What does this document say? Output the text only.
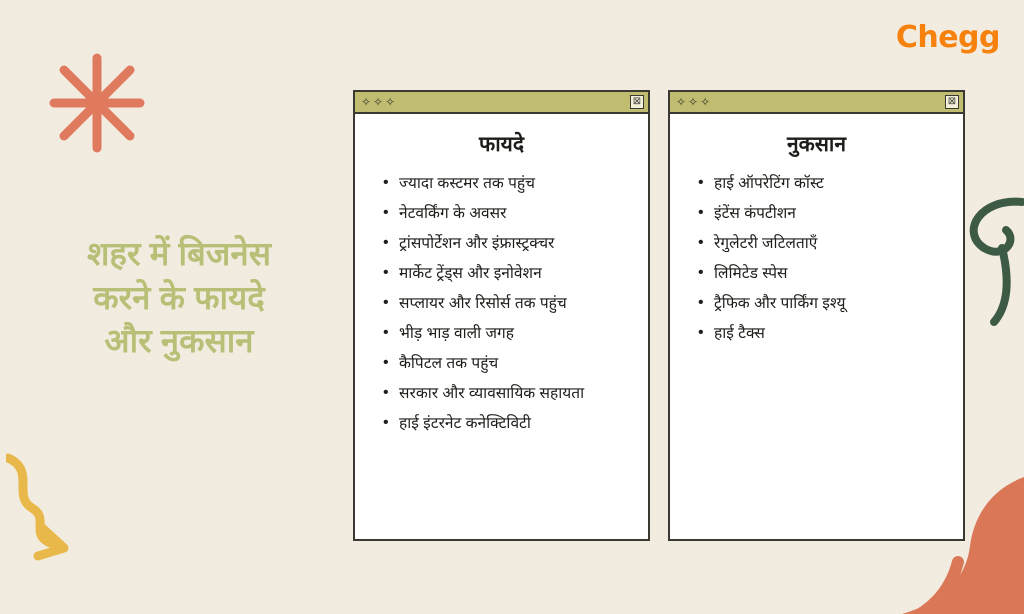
Chegg
शहर में बिजनेस
करने के फायदे
और नुकसान
✧✧✧	⊠
फायदे
• ज्यादा कस्टमर तक पहुंच
• नेटवर्किंग के अवसर
• ट्रांसपोर्टेशन और इंफ्रास्ट्रक्चर
• मार्केट ट्रेंड्स और इनोवेशन
• सप्लायर और रिसोर्स तक पहुंच
• भीड़ भाड़ वाली जगह
• कैपिटल तक पहुंच
• सरकार और व्यावसायिक सहायता
• हाई इंटरनेट कनेक्टिविटी
✧✧✧	⊠
नुकसान
• हाई ऑपरेटिंग कॉस्ट
• इंटेंस कंपटीशन
• रेगुलेटरी जटिलताएँ
• लिमिटेड स्पेस
• ट्रैफिक और पार्किंग इश्यू
• हाई टैक्स
